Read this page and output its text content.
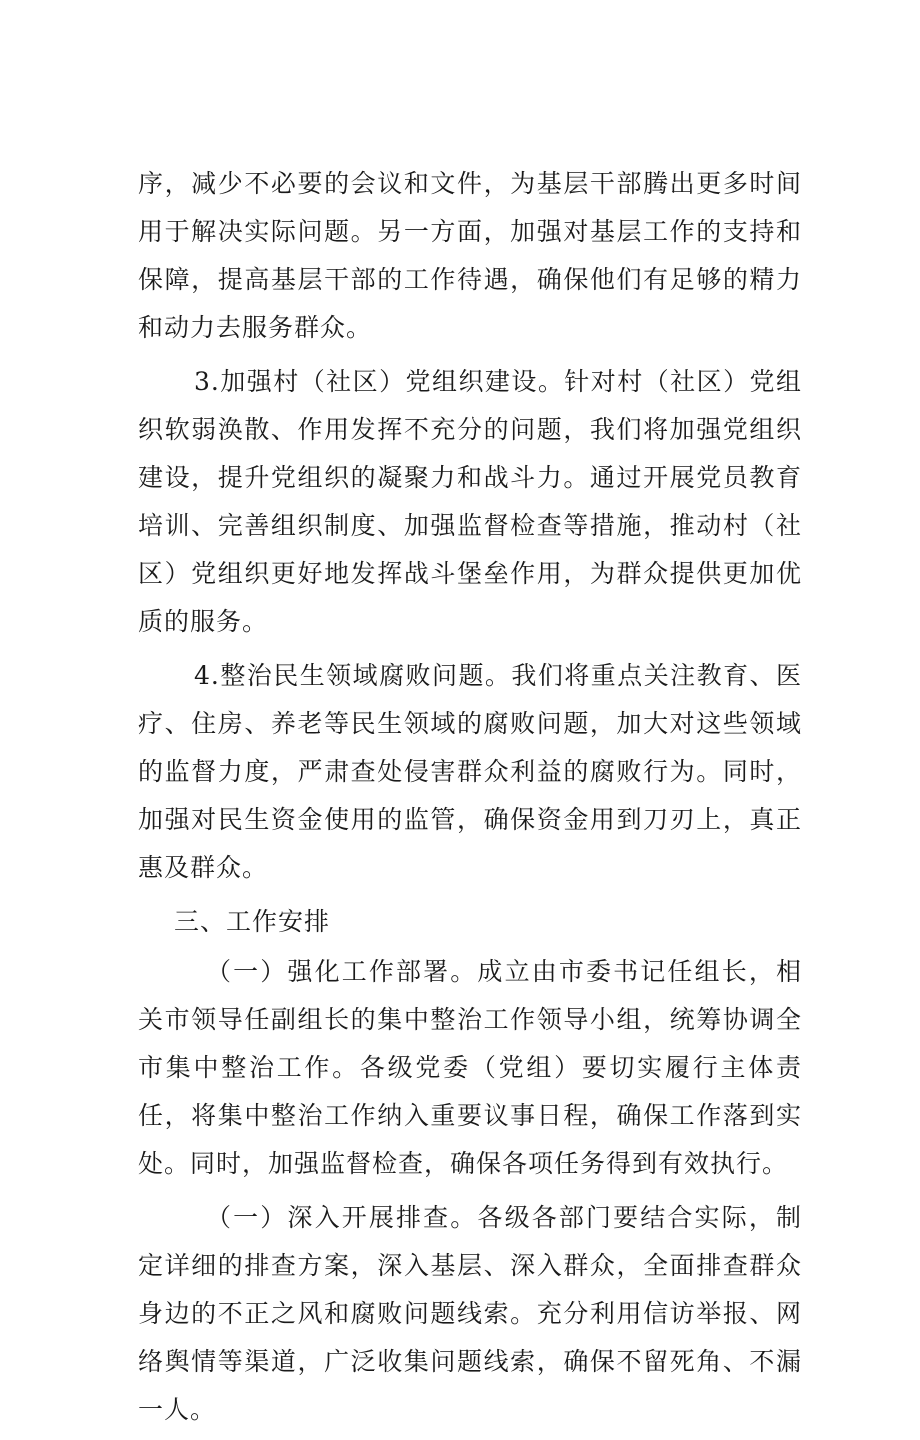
序，减少不必要的会议和文件，为基层干部腾出更多时间用于解决实际问题。另一方面，加强对基层工作的支持和保障，提高基层干部的工作待遇，确保他们有足够的精力和动力去服务群众。

3.加强村（社区）党组织建设。针对村（社区）党组织软弱涣散、作用发挥不充分的问题，我们将加强党组织建设，提升党组织的凝聚力和战斗力。通过开展党员教育培训、完善组织制度、加强监督检查等措施，推动村（社区）党组织更好地发挥战斗堡垒作用，为群众提供更加优质的服务。

4.整治民生领域腐败问题。我们将重点关注教育、医疗、住房、养老等民生领域的腐败问题，加大对这些领域的监督力度，严肃查处侵害群众利益的腐败行为。同时，加强对民生资金使用的监管，确保资金用到刀刃上，真正惠及群众。

三、工作安排

（一）强化工作部署。成立由市委书记任组长，相关市领导任副组长的集中整治工作领导小组，统筹协调全市集中整治工作。各级党委（党组）要切实履行主体责任，将集中整治工作纳入重要议事日程，确保工作落到实处。同时，加强监督检查，确保各项任务得到有效执行。

（一）深入开展排查。各级各部门要结合实际，制定详细的排查方案，深入基层、深入群众，全面排查群众身边的不正之风和腐败问题线索。充分利用信访举报、网络舆情等渠道，广泛收集问题线索，确保不留死角、不漏一人。
